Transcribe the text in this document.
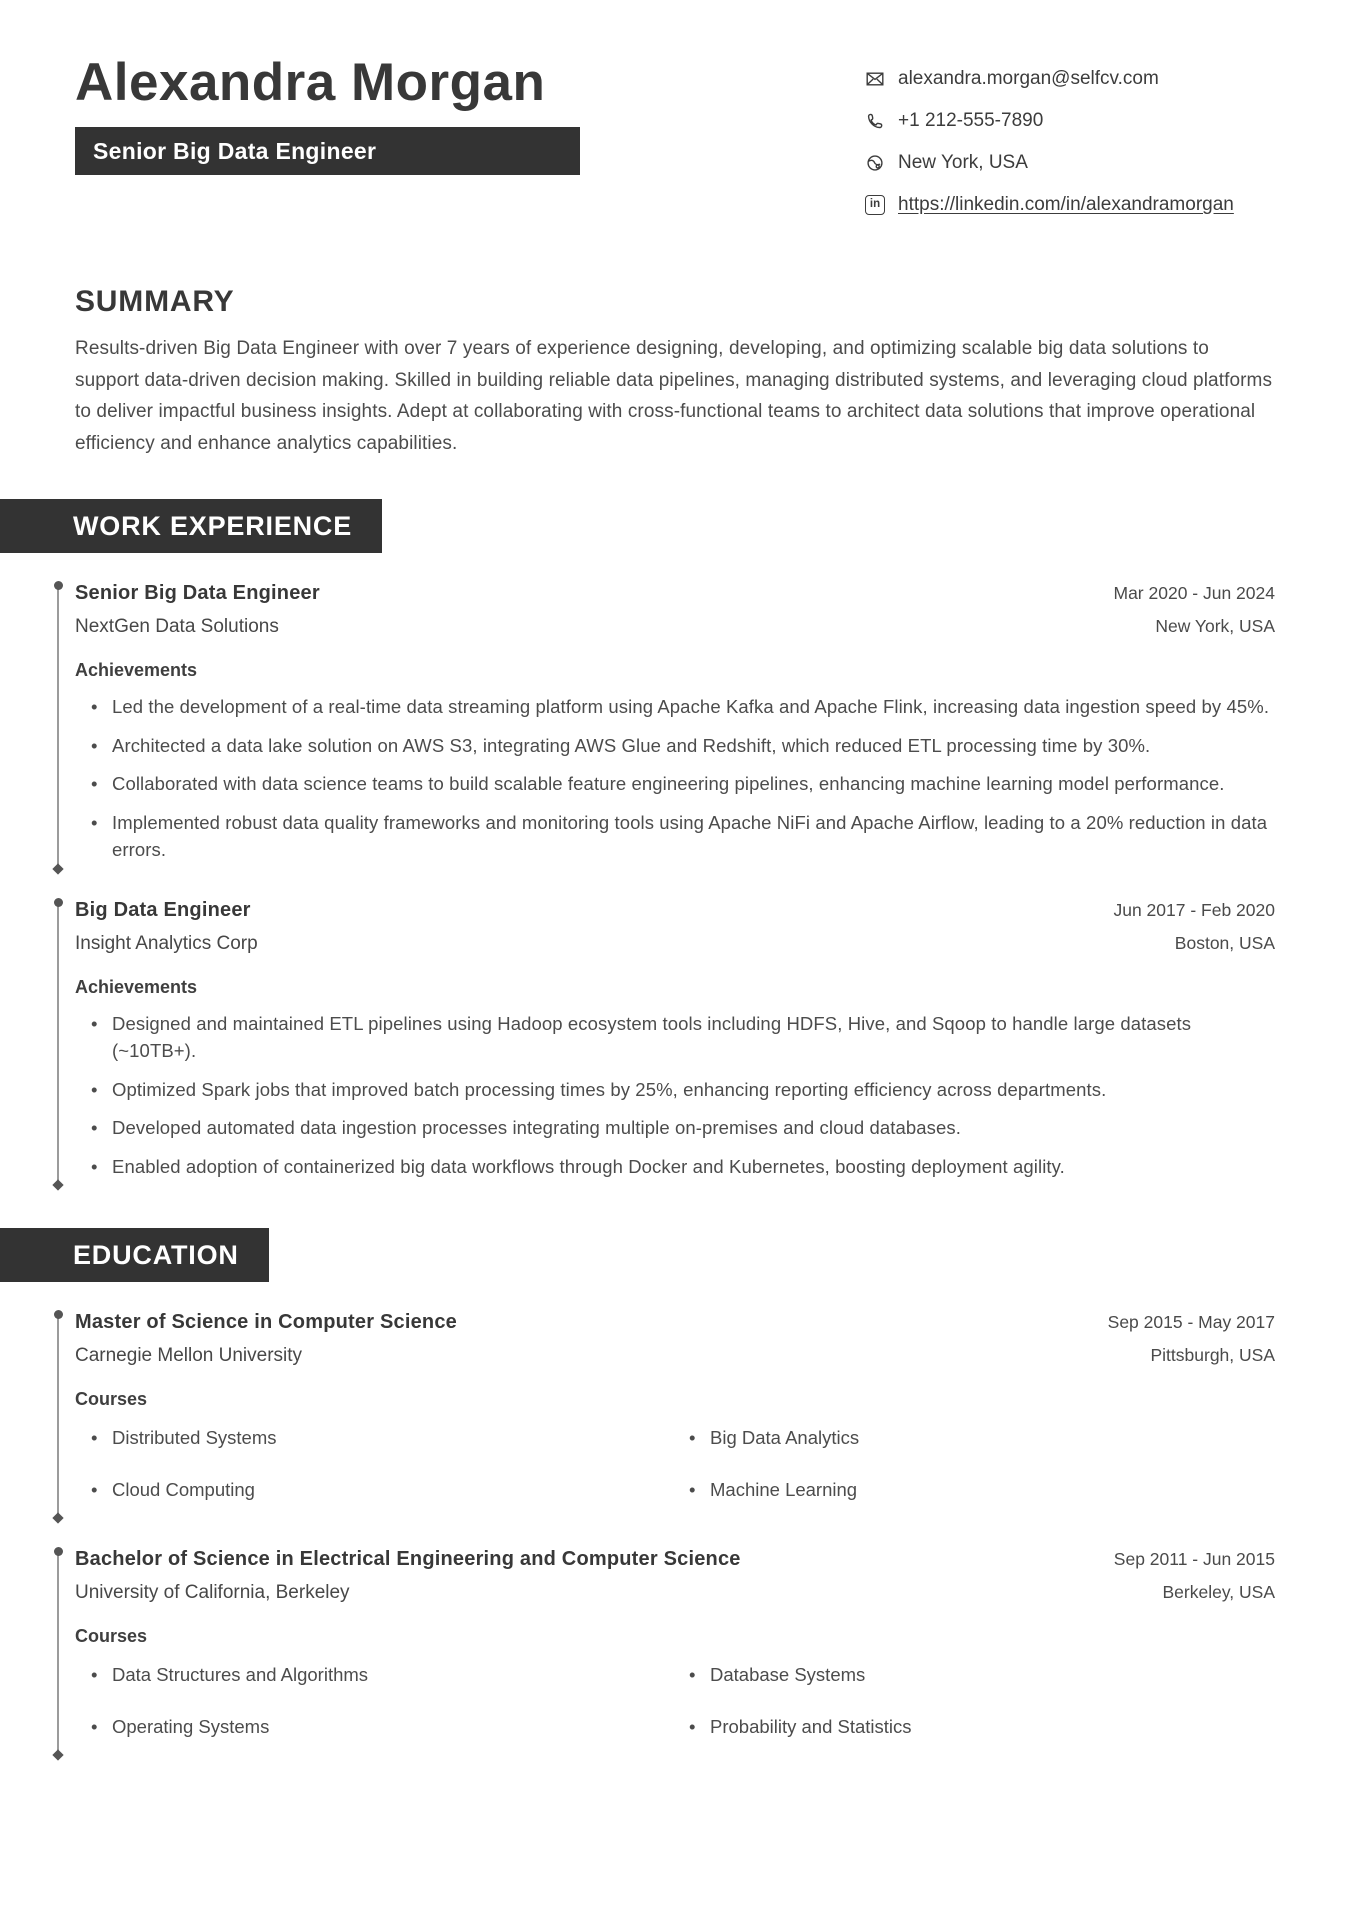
Alexandra Morgan
Senior Big Data Engineer
alexandra.morgan@selfcv.com
+1 212-555-7890
New York, USA
in https://linkedin.com/in/alexandramorgan
SUMMARY

Results-driven Big Data Engineer with over 7 years of experience designing, developing, and optimizing scalable big data solutions to support data-driven decision making. Skilled in building reliable data pipelines, managing distributed systems, and leveraging cloud platforms to deliver impactful business insights. Adept at collaborating with cross-functional teams to architect data solutions that improve operational efficiency and enhance analytics capabilities.

WORK EXPERIENCE
Senior Big Data Engineer	Mar 2020 - Jun 2024
NextGen Data Solutions	New York, USA
Achievements
• Led the development of a real-time data streaming platform using Apache Kafka and Apache Flink, increasing data ingestion speed by 45%.
• Architected a data lake solution on AWS S3, integrating AWS Glue and Redshift, which reduced ETL processing time by 30%.
• Collaborated with data science teams to build scalable feature engineering pipelines, enhancing machine learning model performance.
• Implemented robust data quality frameworks and monitoring tools using Apache NiFi and Apache Airflow, leading to a 20% reduction in data errors.
Big Data Engineer	Jun 2017 - Feb 2020
Insight Analytics Corp	Boston, USA
Achievements
• Designed and maintained ETL pipelines using Hadoop ecosystem tools including HDFS, Hive, and Sqoop to handle large datasets (~10TB+).
• Optimized Spark jobs that improved batch processing times by 25%, enhancing reporting efficiency across departments.
• Developed automated data ingestion processes integrating multiple on-premises and cloud databases.
• Enabled adoption of containerized big data workflows through Docker and Kubernetes, boosting deployment agility.
EDUCATION
Master of Science in Computer Science	Sep 2015 - May 2017
Carnegie Mellon University	Pittsburgh, USA
Courses
• Distributed Systems	• Big Data Analytics
• Cloud Computing	• Machine Learning
Bachelor of Science in Electrical Engineering and Computer Science	Sep 2011 - Jun 2015
University of California, Berkeley	Berkeley, USA
Courses
• Data Structures and Algorithms	• Database Systems
• Operating Systems	• Probability and Statistics
